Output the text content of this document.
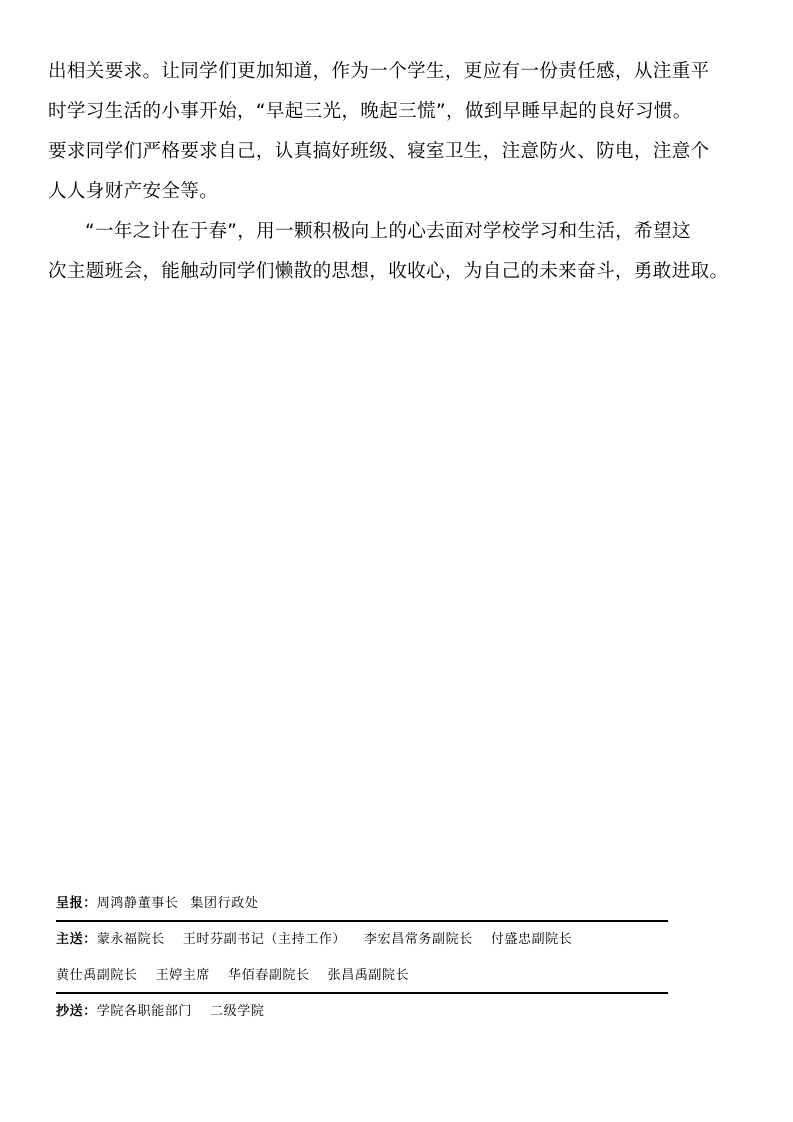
出相关要求。让同学们更加知道，作为一个学生，更应有一份责任感，从注重平
时学习生活的小事开始，“早起三光，晚起三慌”，做到早睡早起的良好习惯。
要求同学们严格要求自己，认真搞好班级、寝室卫生，注意防火、防电，注意个
人人身财产安全等。
“一年之计在于春”，用一颗积极向上的心去面对学校学习和生活，希望这
次主题班会，能触动同学们懒散的思想，收收心，为自己的未来奋斗，勇敢进取。
呈报：周鸿静董事长 集团行政处
主送：蒙永福院长 王时芬副书记（主持工作） 李宏昌常务副院长 付盛忠副院长
黄仕禹副院长 王婷主席 华佰春副院长 张昌禹副院长
抄送：学院各职能部门 二级学院
